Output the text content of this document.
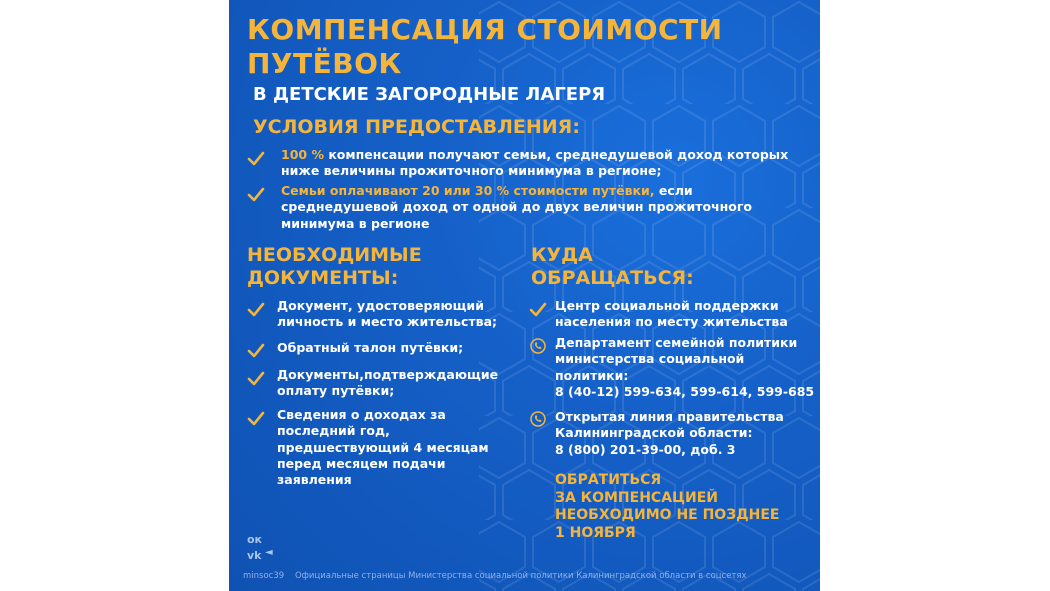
КОМПЕНСАЦИЯ СТОИМОСТИ

ПУТЁВОК

В ДЕТСКИЕ ЗАГОРОДНЫЕ ЛАГЕРЯ

УСЛОВИЯ ПРЕДОСТАВЛЕНИЯ:

100 % компенсации получают семьи, среднедушевой доход которых
ниже величины прожиточного минимума в регионе;
Семьи оплачивают 20 или 30 % стоимости путёвки, если
среднедушевой доход от одной до двух величин прожиточного
минимума в регионе

НЕОБХОДИМЫЕ

ДОКУМЕНТЫ:

Документ, удостоверяющий
личность и место жительства;
Обратный талон путёвки;
Документы,подтверждающие
оплату путёвки;
Сведения о доходах за
последний год,
предшествующий 4 месяцам
перед месяцем подачи
заявления

КУДА

ОБРАЩАТЬСЯ:

Центр социальной поддержки
населения по месту жительства
Департамент семейной политики
министерства социальной
политики:
8 (40-12) 599-634, 599-614, 599-685
Открытая линия правительства
Калининградской области:
8 (800) 201-39-00, доб. 3
ОБРАТИТЬСЯ
ЗА КОМПЕНСАЦИЕЙ
НЕОБХОДИМО НЕ ПОЗДНЕЕ
1 НОЯБРЯ
ок
vk ◄
minsoc39 Официальные страницы Министерства социальной политики Калининградской области в соцсетях
